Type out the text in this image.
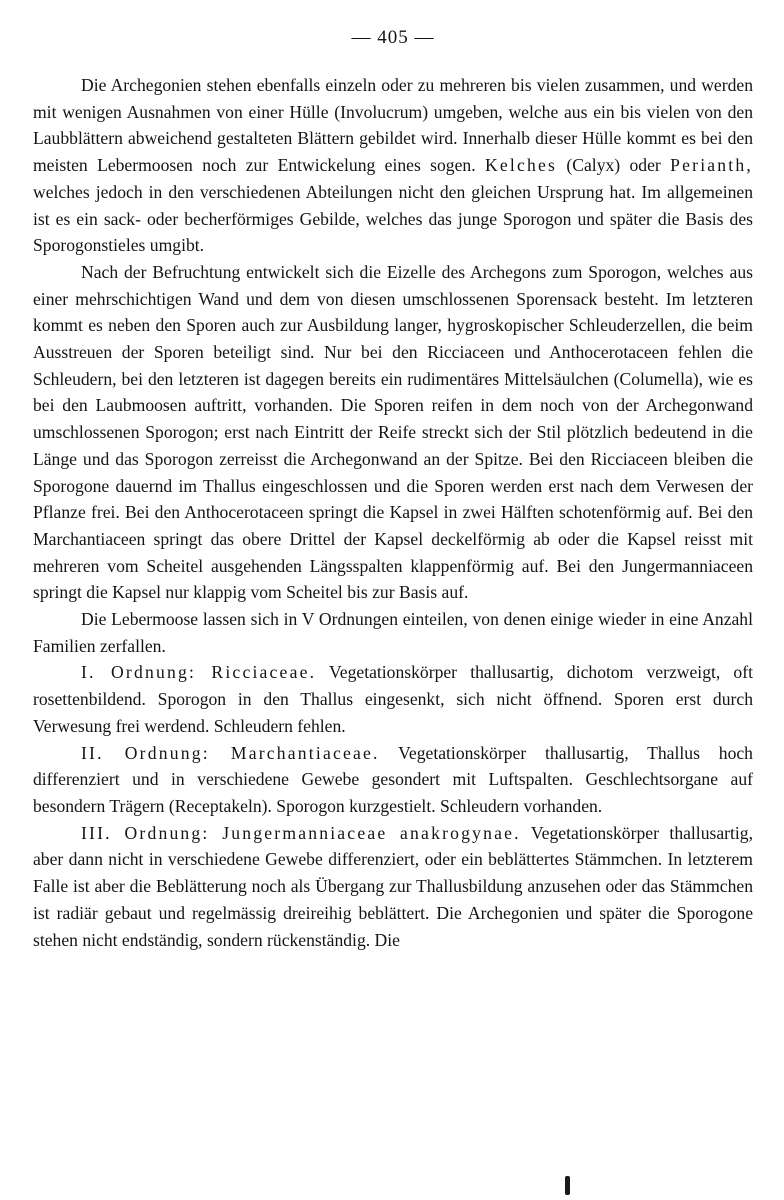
— 405 —

Die Archegonien stehen ebenfalls einzeln oder zu mehreren bis vielen zusammen, und werden mit wenigen Ausnahmen von einer Hülle (Involucrum) umgeben, welche aus ein bis vielen von den Laubblättern abweichend gestalteten Blättern gebildet wird. Innerhalb dieser Hülle kommt es bei den meisten Lebermoosen noch zur Entwickelung eines sogen. Kelches (Calyx) oder Perianth, welches jedoch in den verschiedenen Abteilungen nicht den gleichen Ursprung hat. Im allgemeinen ist es ein sack- oder becherförmiges Gebilde, welches das junge Sporogon und später die Basis des Sporogonstieles umgibt.

Nach der Befruchtung entwickelt sich die Eizelle des Archegons zum Sporogon, welches aus einer mehrschichtigen Wand und dem von diesen umschlossenen Sporensack besteht. Im letzteren kommt es neben den Sporen auch zur Ausbildung langer, hygroskopischer Schleuderzellen, die beim Ausstreuen der Sporen beteiligt sind. Nur bei den Ricciaceen und Anthocerotaceen fehlen die Schleudern, bei den letzteren ist dagegen bereits ein rudimentäres Mittelsäulchen (Columella), wie es bei den Laubmoosen auftritt, vorhanden. Die Sporen reifen in dem noch von der Archegonwand umschlossenen Sporogon; erst nach Eintritt der Reife streckt sich der Stil plötzlich bedeutend in die Länge und das Sporogon zerreisst die Archegonwand an der Spitze. Bei den Ricciaceen bleiben die Sporogone dauernd im Thallus eingeschlossen und die Sporen werden erst nach dem Verwesen der Pflanze frei. Bei den Anthocerotaceen springt die Kapsel in zwei Hälften schotenförmig auf. Bei den Marchantiaceen springt das obere Drittel der Kapsel deckelförmig ab oder die Kapsel reisst mit mehreren vom Scheitel ausgehenden Längsspalten klappenförmig auf. Bei den Jungermanniaceen springt die Kapsel nur klappig vom Scheitel bis zur Basis auf.

Die Lebermoose lassen sich in V Ordnungen einteilen, von denen einige wieder in eine Anzahl Familien zerfallen.

I. Ordnung: Ricciaceae. Vegetationskörper thallusartig, dichotom verzweigt, oft rosettenbildend. Sporogon in den Thallus eingesenkt, sich nicht öffnend. Sporen erst durch Verwesung frei werdend. Schleudern fehlen.

II. Ordnung: Marchantiaceae. Vegetationskörper thallusartig, Thallus hoch differenziert und in verschiedene Gewebe gesondert mit Luftspalten. Geschlechtsorgane auf besondern Trägern (Receptakeln). Sporogon kurzgestielt. Schleudern vorhanden.

III. Ordnung: Jungermanniaceae anakrogynae. Vegetationskörper thallusartig, aber dann nicht in verschiedene Gewebe differenziert, oder ein beblättertes Stämmchen. In letzterem Falle ist aber die Beblätterung noch als Übergang zur Thallusbildung anzusehen oder das Stämmchen ist radiär gebaut und regelmässig dreireihig beblättert. Die Archegonien und später die Sporogone stehen nicht endständig, sondern rückenständig. Die
